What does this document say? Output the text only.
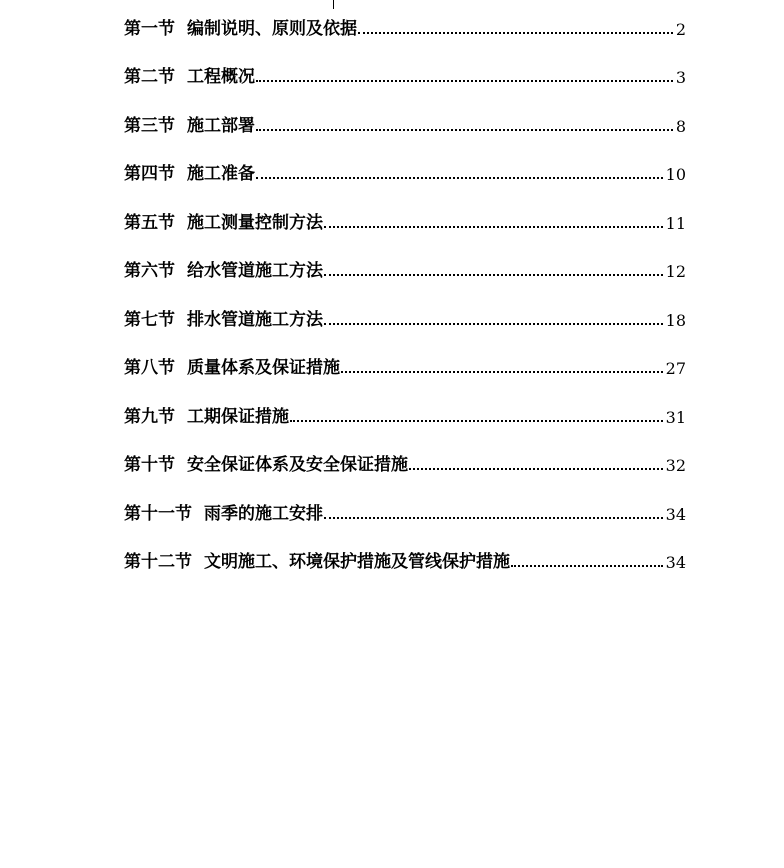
第一节 编制说明、原则及依据	2
第二节 工程概况	3
第三节 施工部署	8
第四节 施工准备	10
第五节 施工测量控制方法	11
第六节 给水管道施工方法	12
第七节 排水管道施工方法	18
第八节 质量体系及保证措施	27
第九节 工期保证措施	31
第十节 安全保证体系及安全保证措施	32
第十一节 雨季的施工安排	34
第十二节 文明施工、环境保护措施及管线保护措施	34
